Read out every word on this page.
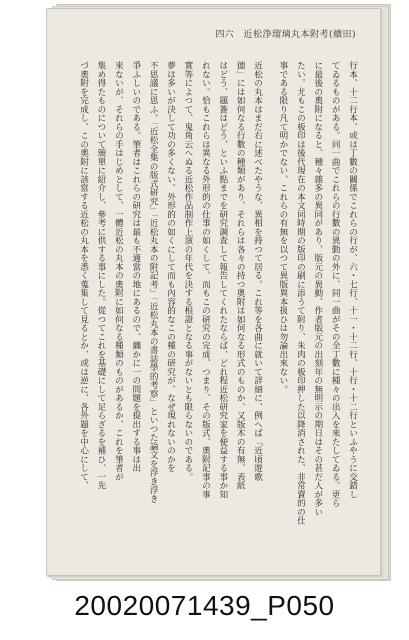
四六 近松浄瑠璃丸本附考(續田)
行本、十二行本、或は丁數の關係でこれらの行が、六・七行、十一・十二行、十行・十二行といふやうに交錯し
てゐるものがある。同一曲でこれらの行數の異動の外に、同一曲がその全丁數に種々の出入を來たしてゐる。更ら
に最後の奧附になると、種々雜多の異同があり、版元の異動、作者版元の出刻年の無明示の期日はその甚だ人が多い
たい。尤もこの板印は後代現在の本文同時期の版印の刷に添うて附り、朱肉の板印押した以降消された、非常賣的の仕
事である限り凡て明かでない、これらの有無を以つて異版異本扱ひは勿論出來ない。
近松の丸本はまだ右に述べたやうな、異相を持つて居る。これ等を各曲に就いて詳細に、例へば「近頃遊歌
德」には如何なる行數の種類があり、それらは各々の持つ奧附は如何なる形式のものか、又版木の有無、表紙
はどう、題簽はどう、といふ點までを研究調査して報告してくれたならば、どれ程近松研究家を便益する事か知
れない。恰もこれらは異なる外形的の仕事の如くして、而もこの研究の完成、つまり、その版式、奧附記事の事
實等によつて、鬼角云へぬる近松作品制作上演の年代を決する根證となる事がないとも限らないのである。
夢は多いが決して功の多くない、外形的の如くにして而も內容的なこの種の研究が、なぜ現れないのかを
不思議に思ふ。「近松全集の版式研究」「近松丸本の附記考」「近松丸本の書誌學的考察」といつた論文を浮き浮き
爭ふしいのである。筆者はこれらの研究は最も不適當の地にあるので、纏かに一の問題を提出する事は出
來ないが、それらの手はじめとして、一體近松の丸本の奧附に如何なる種類のものがあるか、これを筆者が
集め得たものについて簡單に紹介し、參考に供する事にした。從つてこれを基礎にして足らざるを補ひ、一先
づ奧附を完成し、この奧附に該當する近松の丸本を悉く蒐集して見るとか、或は逆に、各外題を中心にして、
20020071439_P050
